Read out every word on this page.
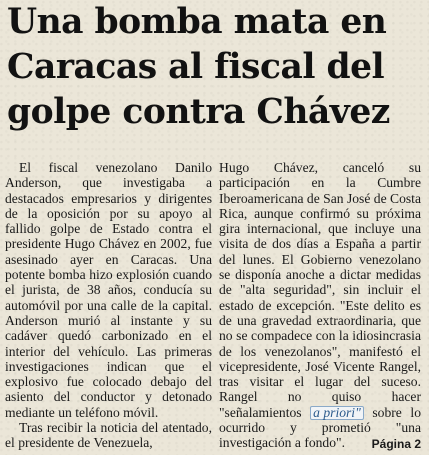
Una bomba mata en
Caracas al fiscal del
golpe contra Chávez

El fiscal venezolano Danilo Anderson, que investigaba a destacados empresarios y dirigentes de la oposición por su apoyo al fallido golpe de Estado contra el presidente Hugo Chávez en 2002, fue asesinado ayer en Caracas. Una potente bomba hizo explosión cuando el jurista, de 38 años, conducía su automóvil por una calle de la capital. Anderson murió al instante y su cadáver quedó carbonizado en el interior del vehículo. Las primeras investigaciones indican que el explosivo fue colocado debajo del asiento del conductor y detonado mediante un teléfono móvil.

Tras recibir la noticia del atentado, el presidente de Venezuela,

Hugo Chávez, canceló su participación en la Cumbre Iberoamericana de San José de Costa Rica, aunque confirmó su próxima gira internacional, que incluye una visita de dos días a España a partir del lunes. El Gobierno venezolano se disponía anoche a dictar medidas de "alta seguridad", sin incluir el estado de excepción. "Este delito es de una gravedad extraordinaria, que no se compadece con la idiosincrasia de los venezolanos", manifestó el vicepresidente, José Vicente Rangel, tras visitar el lugar del suceso. Rangel no quiso hacer "señalamientos a priori" sobre lo ocurrido y prometió "una investigación a fondo".	Página 2
